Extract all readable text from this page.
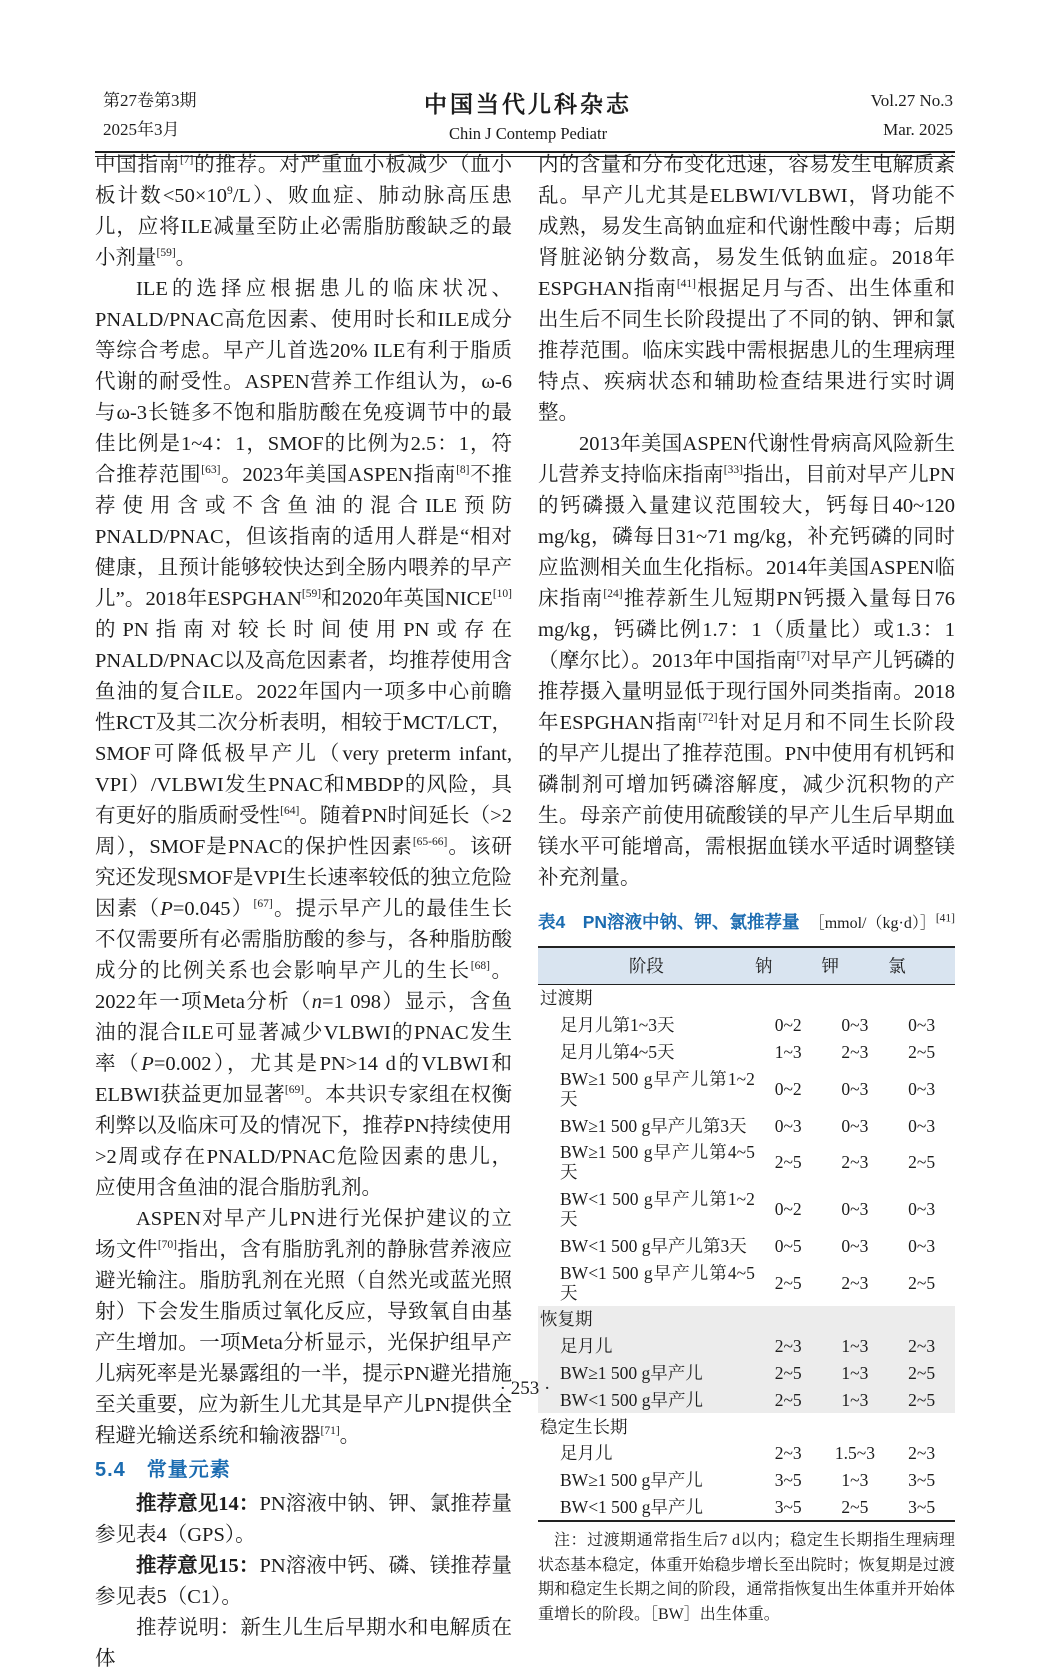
第27卷第3期
2025年3月
中国当代儿科杂志
Chin J Contemp Pediatr
Vol.27 No.3
Mar. 2025

中国指南[7]的推荐。对严重血小板减少（血小板计数<50×10$^9$/L）、败血症、肺动脉高压患儿，应将ILE减量至防止必需脂肪酸缺乏的最小剂量[59]。

ILE的选择应根据患儿的临床状况、PNALD/PNAC高危因素、使用时长和ILE成分等综合考虑。早产儿首选20% ILE有利于脂质代谢的耐受性。ASPEN营养工作组认为，ω-6与ω-3长链多不饱和脂肪酸在免疫调节中的最佳比例是1~4：1，SMOF的比例为2.5：1，符合推荐范围[63]。2023年美国ASPEN指南[8]不推荐使用含或不含鱼油的混合ILE预防PNALD/PNAC，但该指南的适用人群是“相对健康，且预计能够较快达到全肠内喂养的早产儿”。2018年ESPGHAN[59]和2020年英国NICE[10]的PN指南对较长时间使用PN或存在PNALD/PNAC以及高危因素者，均推荐使用含鱼油的复合ILE。2022年国内一项多中心前瞻性RCT及其二次分析表明，相较于MCT/LCT，SMOF可降低极早产儿（very preterm infant, VPI）/VLBWI发生PNAC和MBDP的风险，具有更好的脂质耐受性[64]。随着PN时间延长（>2周），SMOF是PNAC的保护性因素[65-66]。该研究还发现SMOF是VPI生长速率较低的独立危险因素（P=0.045）[67]。提示早产儿的最佳生长不仅需要所有必需脂肪酸的参与，各种脂肪酸成分的比例关系也会影响早产儿的生长[68]。2022年一项Meta分析（n=1 098）显示，含鱼油的混合ILE可显著减少VLBWI的PNAC发生率（P=0.002），尤其是PN>14 d的VLBWI和ELBWI获益更加显著[69]。本共识专家组在权衡利弊以及临床可及的情况下，推荐PN持续使用>2周或存在PNALD/PNAC危险因素的患儿，应使用含鱼油的混合脂肪乳剂。

ASPEN对早产儿PN进行光保护建议的立场文件[70]指出，含有脂肪乳剂的静脉营养液应避光输注。脂肪乳剂在光照（自然光或蓝光照射）下会发生脂质过氧化反应，导致氧自由基产生增加。一项Meta分析显示，光保护组早产儿病死率是光暴露组的一半，提示PN避光措施至关重要，应为新生儿尤其是早产儿PN提供全程避光输送系统和输液器[71]。

5.4　常量元素

推荐意见14：PN溶液中钠、钾、氯推荐量参见表4（GPS）。

推荐意见15：PN溶液中钙、磷、镁推荐量参见表5（C1）。

推荐说明：新生儿生后早期水和电解质在体

内的含量和分布变化迅速，容易发生电解质紊乱。早产儿尤其是ELBWI/VLBWI，肾功能不成熟，易发生高钠血症和代谢性酸中毒；后期肾脏泌钠分数高，易发生低钠血症。2018年ESPGHAN指南[41]根据足月与否、出生体重和出生后不同生长阶段提出了不同的钠、钾和氯推荐范围。临床实践中需根据患儿的生理病理特点、疾病状态和辅助检查结果进行实时调整。

2013年美国ASPEN代谢性骨病高风险新生儿营养支持临床指南[33]指出，目前对早产儿PN的钙磷摄入量建议范围较大，钙每日40~120 mg/kg，磷每日31~71 mg/kg，补充钙磷的同时应监测相关血生化指标。2014年美国ASPEN临床指南[24]推荐新生儿短期PN钙摄入量每日76 mg/kg，钙磷比例1.7：1（质量比）或1.3：1（摩尔比）。2013年中国指南[7]对早产儿钙磷的推荐摄入量明显低于现行国外同类指南。2018年ESPGHAN指南[72]针对足月和不同生长阶段的早产儿提出了推荐范围。PN中使用有机钙和磷制剂可增加钙磷溶解度，减少沉积物的产生。母亲产前使用硫酸镁的早产儿生后早期血镁水平可能增高，需根据血镁水平适时调整镁补充剂量。

表4　PN溶液中钠、钾、氯推荐量 ［mmol/（kg·d）］[41]
阶段	钠	钾	氯
过渡期			
足月儿第1~3天	0~2	0~3	0~3
足月儿第4~5天	1~3	2~3	2~5
BW≥1 500 g早产儿第1~2天	0~2	0~3	0~3
BW≥1 500 g早产儿第3天	0~3	0~3	0~3
BW≥1 500 g早产儿第4~5天	2~5	2~3	2~5
BW<1 500 g早产儿第1~2天	0~2	0~3	0~3
BW<1 500 g早产儿第3天	0~5	0~3	0~3
BW<1 500 g早产儿第4~5天	2~5	2~3	2~5
恢复期			
足月儿	2~3	1~3	2~3
BW≥1 500 g早产儿	2~5	1~3	2~5
BW<1 500 g早产儿	2~5	1~3	2~5
稳定生长期			
足月儿	2~3	1.5~3	2~3
BW≥1 500 g早产儿	3~5	1~3	3~5
BW<1 500 g早产儿	3~5	2~5	3~5

注：过渡期通常指生后7 d以内；稳定生长期指生理病理状态基本稳定，体重开始稳步增长至出院时；恢复期是过渡期和稳定生长期之间的阶段，通常指恢复出生体重并开始体重增长的阶段。［BW］出生体重。

· 253 ·
